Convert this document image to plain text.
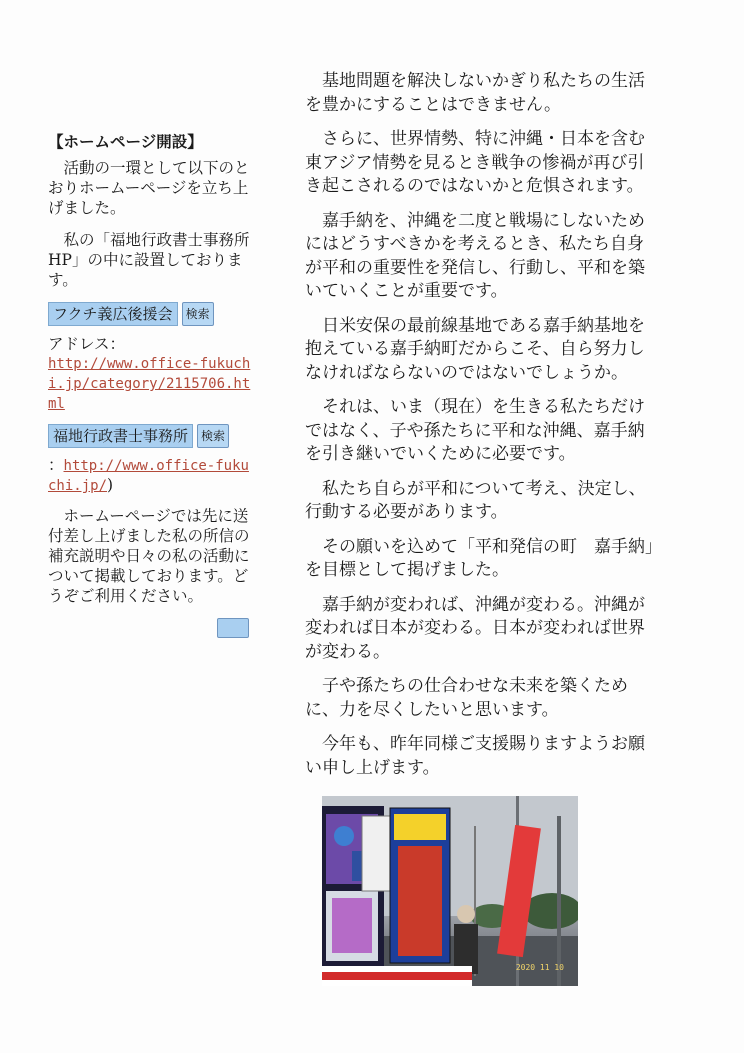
【ホームページ開設】

活動の一環として以下のとおりホームーページを立ち上げました。

私の「福地行政書士事務所HP」の中に設置しております。

フクチ義広後援会	検索

アドレス：

http://www.office-fukuchi.jp/category/2115706.html
福地行政書士事務所	検索
：http://www.office-fukuchi.jp/)

ホームーページでは先に送付差し上げました私の所信の補充説明や日々の私の活動について掲載しております。どうぞご利用ください。

基地問題を解決しないかぎり私たちの生活を豊かにすることはできません。

さらに、世界情勢、特に沖縄・日本を含む東アジア情勢を見るとき戦争の惨禍が再び引き起こされるのではないかと危惧されます。

嘉手納を、沖縄を二度と戦場にしないためにはどうすべきかを考えるとき、私たち自身が平和の重要性を発信し、行動し、平和を築いていくことが重要です。

日米安保の最前線基地である嘉手納基地を抱えている嘉手納町だからこそ、自ら努力しなければならないのではないでしょうか。

それは、いま（現在）を生きる私たちだけではなく、子や孫たちに平和な沖縄、嘉手納を引き継いでいくために必要です。

私たち自らが平和について考え、決定し、行動する必要があります。

その願いを込めて「平和発信の町　嘉手納」を目標として掲げました。

嘉手納が変われば、沖縄が変わる。沖縄が変われば日本が変わる。日本が変われば世界が変わる。

子や孫たちの仕合わせな未来を築くために、力を尽くしたいと思います。

今年も、昨年同様ご支援賜りますようお願い申し上げます。

2020 11 10
